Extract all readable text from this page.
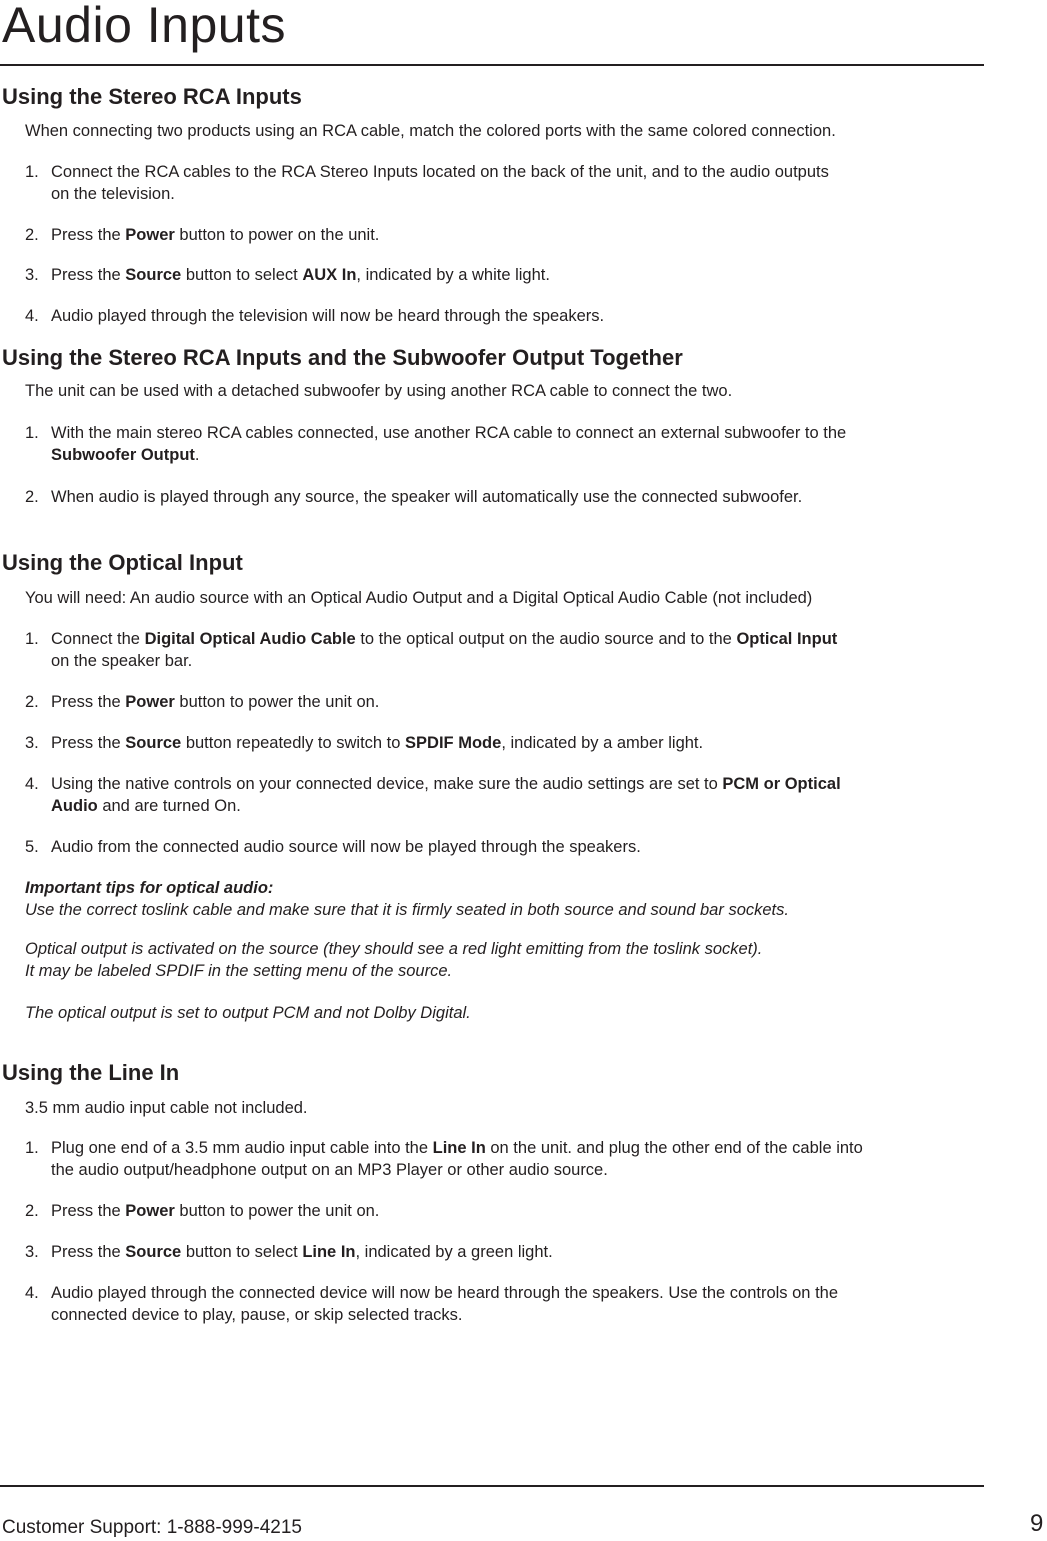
Audio Inputs
Using the Stereo RCA Inputs

When connecting two products using an RCA cable, match the colored ports with the same colored connection.

1. Connect the RCA cables to the RCA Stereo Inputs located on the back of the unit, and to the audio outputs
on the television.
2. Press the Power button to power on the unit.
3. Press the Source button to select AUX In, indicated by a white light.
4. Audio played through the television will now be heard through the speakers.
Using the Stereo RCA Inputs and the Subwoofer Output Together

The unit can be used with a detached subwoofer by using another RCA cable to connect the two.

1. With the main stereo RCA cables connected, use another RCA cable to connect an external subwoofer to the
Subwoofer Output.
2. When audio is played through any source, the speaker will automatically use the connected subwoofer.
Using the Optical Input

You will need: An audio source with an Optical Audio Output and a Digital Optical Audio Cable (not included)

1. Connect the Digital Optical Audio Cable to the optical output on the audio source and to the Optical Input
on the speaker bar.
2. Press the Power button to power the unit on.
3. Press the Source button repeatedly to switch to SPDIF Mode, indicated by a amber light.
4. Using the native controls on your connected device, make sure the audio settings are set to PCM or Optical
Audio and are turned On.
5. Audio from the connected audio source will now be played through the speakers.

Important tips for optical audio:

Use the correct toslink cable and make sure that it is firmly seated in both source and sound bar sockets.

Optical output is activated on the source (they should see a red light emitting from the toslink socket).
It may be labeled SPDIF in the setting menu of the source.

The optical output is set to output PCM and not Dolby Digital.

Using the Line In

3.5 mm audio input cable not included.

1. Plug one end of a 3.5 mm audio input cable into the Line In on the unit. and plug the other end of the cable into
the audio output/headphone output on an MP3 Player or other audio source.
2. Press the Power button to power the unit on.
3. Press the Source button to select Line In, indicated by a green light.
4. Audio played through the connected device will now be heard through the speakers. Use the controls on the
connected device to play, pause, or skip selected tracks.
Customer Support: 1-888-999-4215	9
